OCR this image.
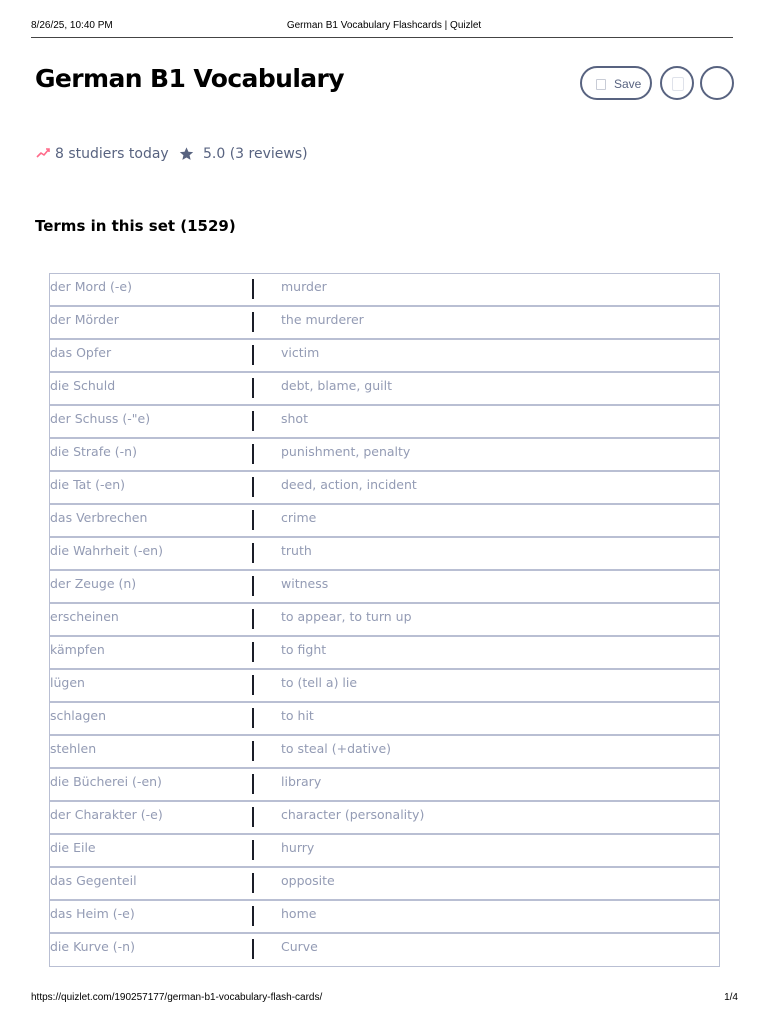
8/26/25, 10:40 PM	German B1 Vocabulary Flashcards | Quizlet
German B1 Vocabulary	Save
8 studiers today 5.0 (3 reviews)
Terms in this set (1529)
der Mord (-e)	murder
der Mörder	the murderer
das Opfer	victim
die Schuld	debt, blame, guilt
der Schuss (-"e)	shot
die Strafe (-n)	punishment, penalty
die Tat (-en)	deed, action, incident
das Verbrechen	crime
die Wahrheit (-en)	truth
der Zeuge (n)	witness
erscheinen	to appear, to turn up
kämpfen	to fight
lügen	to (tell a) lie
schlagen	to hit
stehlen	to steal (+dative)
die Bücherei (-en)	library
der Charakter (-e)	character (personality)
die Eile	hurry
das Gegenteil	opposite
das Heim (-e)	home
die Kurve (-n)	Curve
https://quizlet.com/190257177/german-b1-vocabulary-flash-cards/	1/4
